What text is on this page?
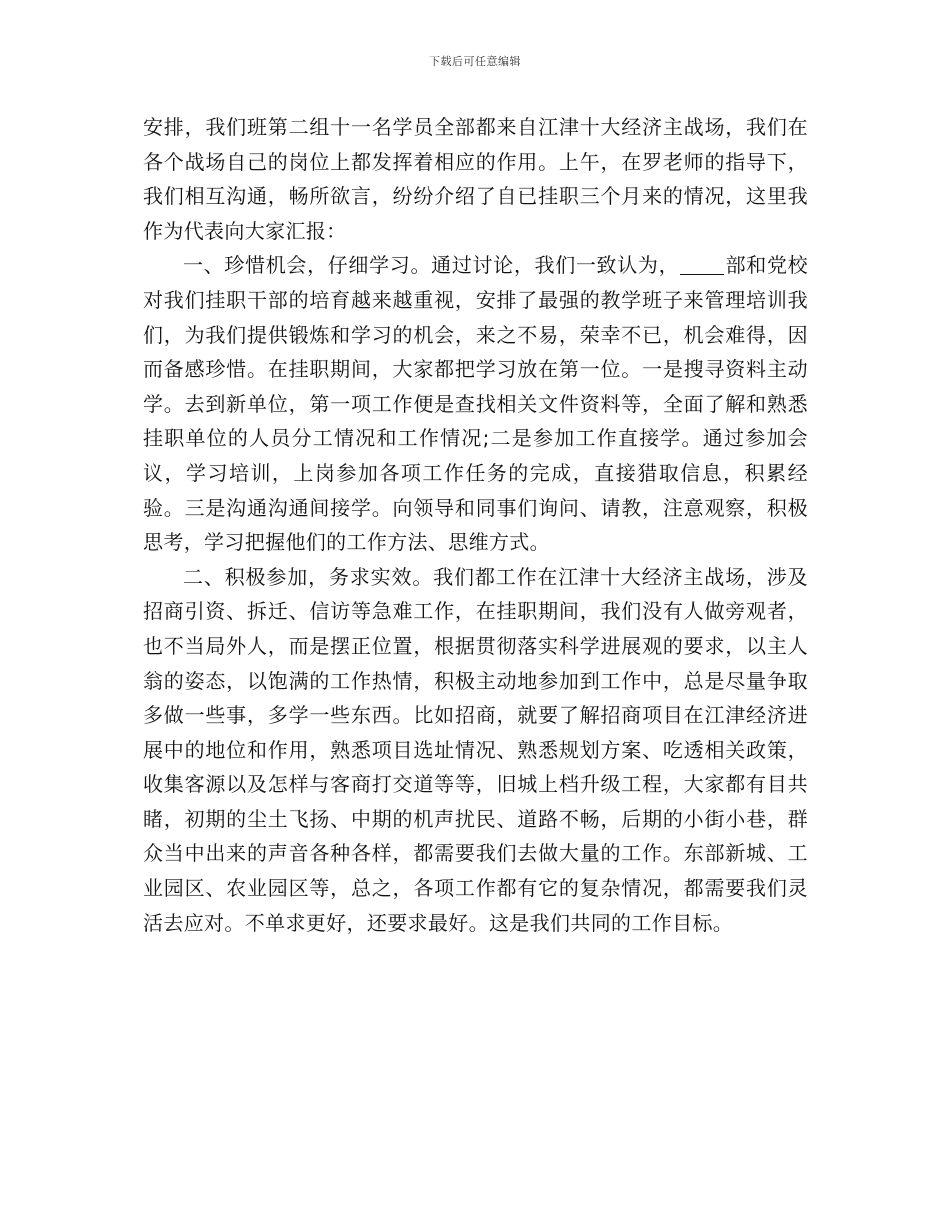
下载后可任意编辑

安排，我们班第二组十一名学员全部都来自江津十大经济主战场，我们在各个战场自己的岗位上都发挥着相应的作用。上午，在罗老师的指导下，我们相互沟通，畅所欲言，纷纷介绍了自已挂职三个月来的情况，这里我作为代表向大家汇报：

一、珍惜机会，仔细学习。通过讨论，我们一致认为， 部和党校对我们挂职干部的培育越来越重视，安排了最强的教学班子来管理培训我们，为我们提供锻炼和学习的机会，来之不易，荣幸不已，机会难得，因而备感珍惜。在挂职期间，大家都把学习放在第一位。一是搜寻资料主动学。去到新单位，第一项工作便是查找相关文件资料等，全面了解和熟悉挂职单位的人员分工情况和工作情况;二是参加工作直接学。通过参加会议，学习培训，上岗参加各项工作任务的完成，直接猎取信息，积累经验。三是沟通沟通间接学。向领导和同事们询问、请教，注意观察，积极思考，学习把握他们的工作方法、思维方式。

二、积极参加，务求实效。我们都工作在江津十大经济主战场，涉及招商引资、拆迁、信访等急难工作，在挂职期间，我们没有人做旁观者，也不当局外人，而是摆正位置，根据贯彻落实科学进展观的要求，以主人翁的姿态，以饱满的工作热情，积极主动地参加到工作中，总是尽量争取多做一些事，多学一些东西。比如招商，就要了解招商项目在江津经济进展中的地位和作用，熟悉项目选址情况、熟悉规划方案、吃透相关政策，收集客源以及怎样与客商打交道等等，旧城上档升级工程，大家都有目共睹，初期的尘土飞扬、中期的机声扰民、道路不畅，后期的小街小巷，群众当中出来的声音各种各样，都需要我们去做大量的工作。东部新城、工业园区、农业园区等，总之，各项工作都有它的复杂情况，都需要我们灵活去应对。不单求更好，还要求最好。这是我们共同的工作目标。
